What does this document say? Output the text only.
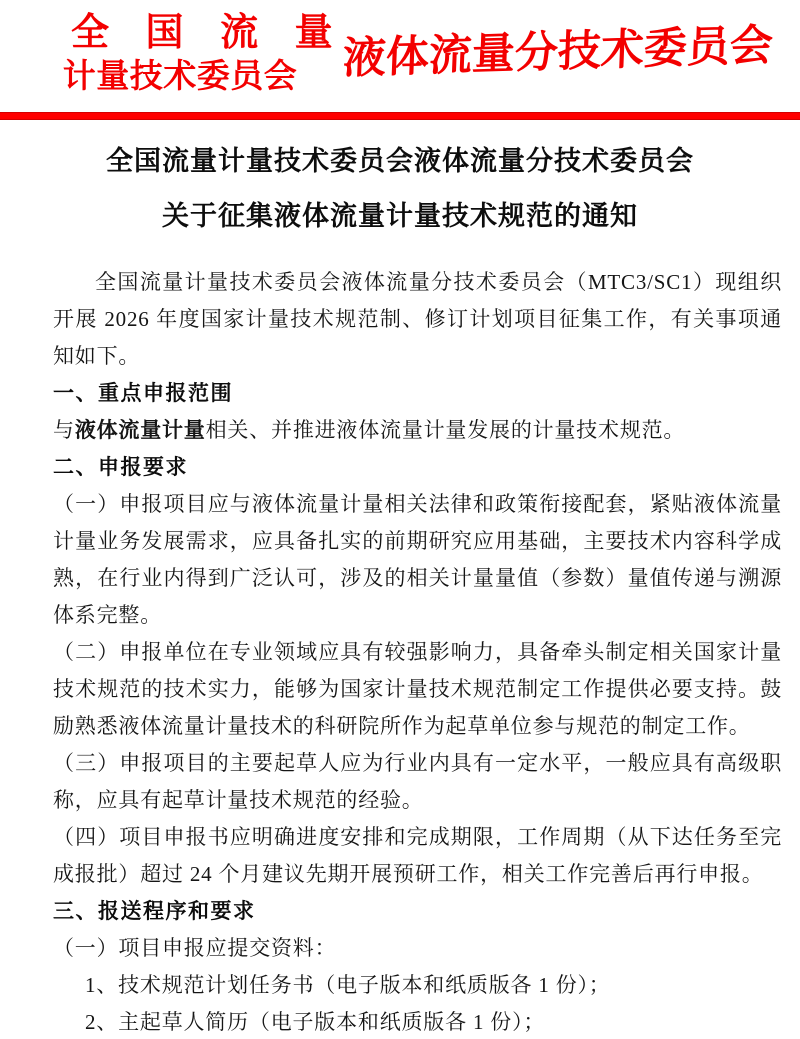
全 国 流 量
计量技术委员会 液体流量分技术委员会
全国流量计量技术委员会液体流量分技术委员会
关于征集液体流量计量技术规范的通知

全国流量计量技术委员会液体流量分技术委员会（MTC3/SC1）现组织开展 2026 年度国家计量技术规范制、修订计划项目征集工作，有关事项通知如下。

一、重点申报范围

与液体流量计量相关、并推进液体流量计量发展的计量技术规范。

二、申报要求

（一）申报项目应与液体流量计量相关法律和政策衔接配套，紧贴液体流量计量业务发展需求，应具备扎实的前期研究应用基础，主要技术内容科学成熟，在行业内得到广泛认可，涉及的相关计量量值（参数）量值传递与溯源体系完整。

（二）申报单位在专业领域应具有较强影响力，具备牵头制定相关国家计量技术规范的技术实力，能够为国家计量技术规范制定工作提供必要支持。鼓励熟悉液体流量计量技术的科研院所作为起草单位参与规范的制定工作。

（三）申报项目的主要起草人应为行业内具有一定水平，一般应具有高级职称，应具有起草计量技术规范的经验。

（四）项目申报书应明确进度安排和完成期限，工作周期（从下达任务至完成报批）超过 24 个月建议先期开展预研工作，相关工作完善后再行申报。

三、报送程序和要求

（一）项目申报应提交资料：

1、技术规范计划任务书（电子版本和纸质版各 1 份）；

2、主起草人简历（电子版本和纸质版各 1 份）；
